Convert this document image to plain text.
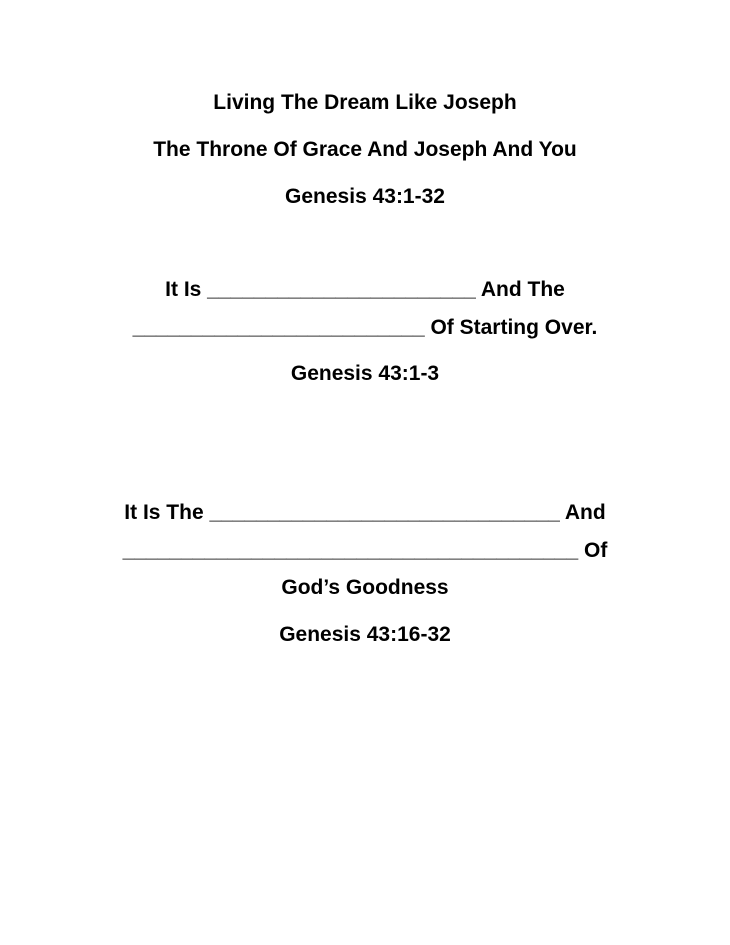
Living The Dream Like Joseph

The Throne Of Grace And Joseph And You

Genesis 43:1-32

It Is _______________________ And The

_________________________ Of Starting Over.

Genesis 43:1-3

It Is The ______________________________ And

_______________________________________ Of

God’s Goodness

Genesis 43:16-32
